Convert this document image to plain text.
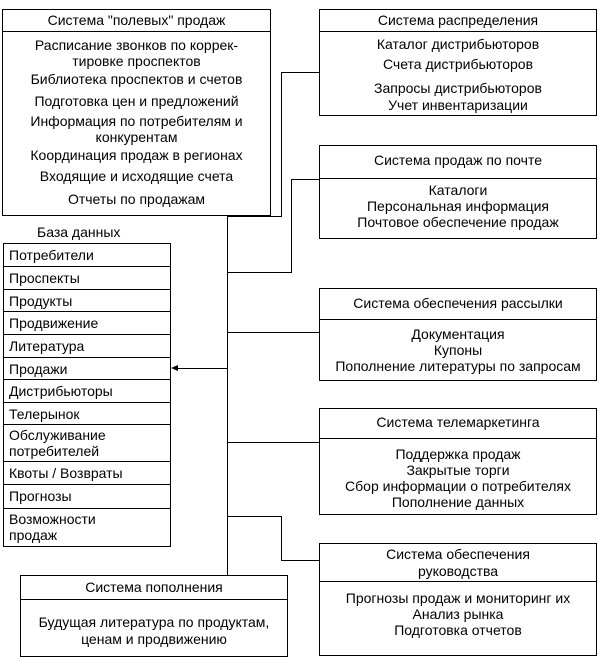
Система "полевых" продаж
Расписание звонков по коррек-
тировке проспектов
Библиотека проспектов и счетов
Подготовка цен и предложений
Информация по потребителям и
конкурентам
Координация продаж в регионах
Входящие и исходящие счета
Отчеты по продажам
База данных
Потребители
Проспекты
Продукты
Продвижение
Литература
Продажи
Дистрибьюторы
Телерынок
Обслуживание
потребителей
Квоты / Возвраты
Прогнозы
Возможности
продаж
Система пополнения
Будущая литература по продуктам,
ценам и продвижению
Система распределения
Каталог дистрибьюторов
Счета дистрибьюторов
Запросы дистрибьюторов
Учет инвентаризации
Система продаж по почте
Каталоги
Персональная информация
Почтовое обеспечение продаж
Система обеспечения рассылки
Документация
Купоны
Пополнение литературы по запросам
Система телемаркетинга
Поддержка продаж
Закрытые торги
Сбор информации о потребителях
Пополнение данных
Система обеспечения
руководства
Прогнозы продаж и мониторинг их
Анализ рынка
Подготовка отчетов
